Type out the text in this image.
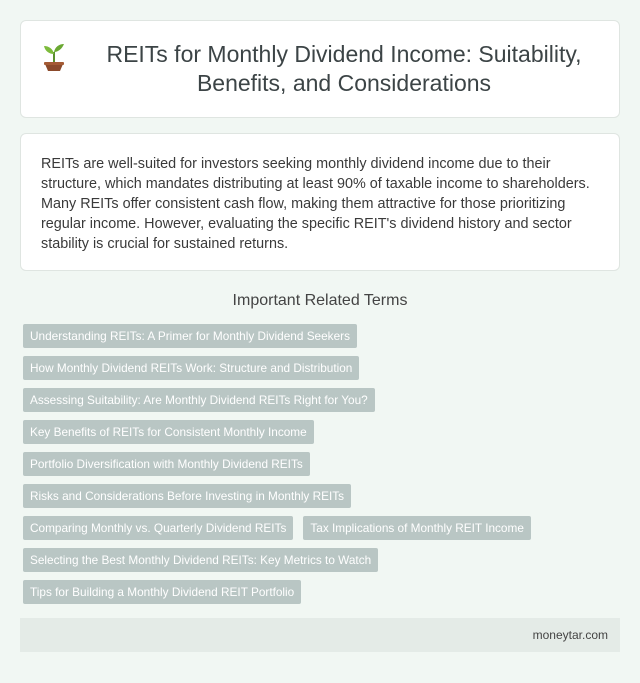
REITs for Monthly Dividend Income: Suitability, Benefits, and Considerations

REITs are well-suited for investors seeking monthly dividend income due to their structure, which mandates distributing at least 90% of taxable income to shareholders. Many REITs offer consistent cash flow, making them attractive for those prioritizing regular income. However, evaluating the specific REIT's dividend history and sector stability is crucial for sustained returns.

Important Related Terms
Understanding REITs: A Primer for Monthly Dividend Seekers
How Monthly Dividend REITs Work: Structure and Distribution
Assessing Suitability: Are Monthly Dividend REITs Right for You?
Key Benefits of REITs for Consistent Monthly Income
Portfolio Diversification with Monthly Dividend REITs
Risks and Considerations Before Investing in Monthly REITs
Comparing Monthly vs. Quarterly Dividend REITs	Tax Implications of Monthly REIT Income
Selecting the Best Monthly Dividend REITs: Key Metrics to Watch
Tips for Building a Monthly Dividend REIT Portfolio
moneytar.com
